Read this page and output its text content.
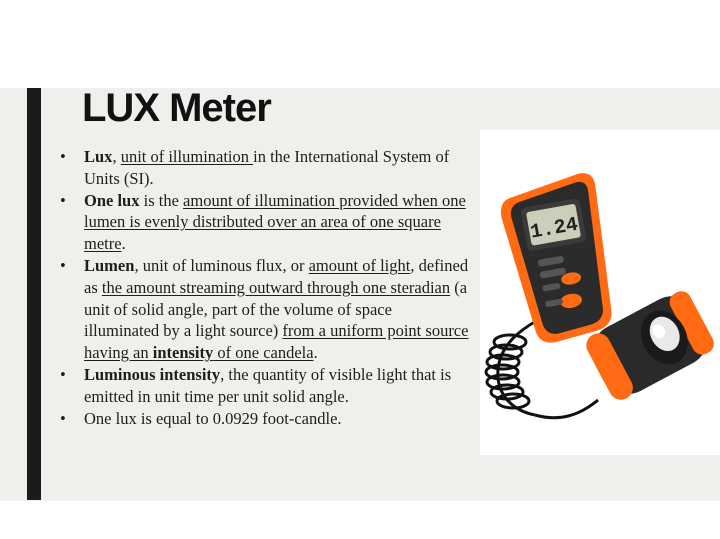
LUX Meter
• Lux, unit of illumination in the International System of Units (SI).
• One lux is the amount of illumination provided when one lumen is evenly distributed over an area of one square metre.
• Lumen, unit of luminous flux, or amount of light, defined as the amount streaming outward through one steradian (a unit of solid angle, part of the volume of space illuminated by a light source) from a uniform point source having an intensity of one candela.
• Luminous intensity, the quantity of visible light that is emitted in unit time per unit solid angle.
• One lux is equal to 0.0929 foot-candle.
1.24
